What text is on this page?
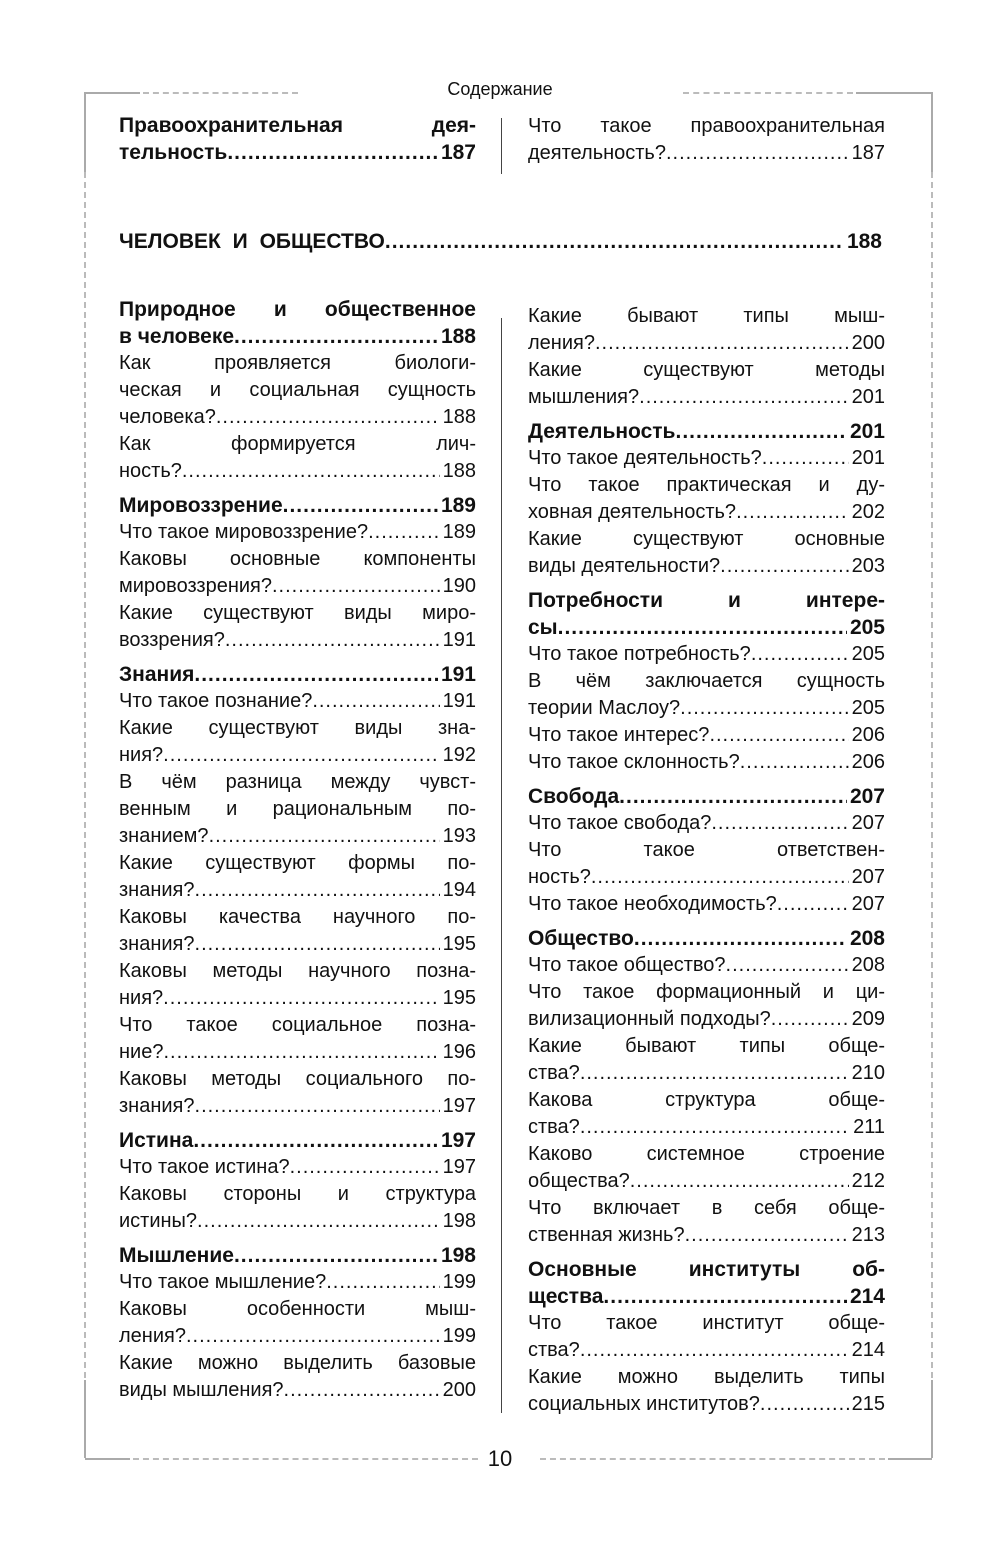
Содержание
Правоохранительная дея-
тельность .....	187
Что такое правоохранительная
деятельность? .....	187
ЧЕЛОВЕК И ОБЩЕСТВО .....	188
Природное и общественное
в человеке .....	188
Как проявляется биологи-
ческая и социальная сущность
человека? .....	188
Как формируется лич-
ность? .....	188
Мировоззрение .....	189
Что такое мировоззрение? .....	189
Каковы основные компоненты
мировоззрения? .....	190
Какие существуют виды миро-
воззрения? .....	191
Знания .....	191
Что такое познание? .....	191
Какие существуют виды зна-
ния? .....	192
В чём разница между чувст-
венным и рациональным по-
знанием? .....	193
Какие существуют формы по-
знания? .....	194
Каковы качества научного по-
знания? .....	195
Каковы методы научного позна-
ния? .....	195
Что такое социальное позна-
ние? .....	196
Каковы методы социального по-
знания? .....	197
Истина .....	197
Что такое истина? .....	197
Каковы стороны и структура
истины? .....	198
Мышление .....	198
Что такое мышление? .....	199
Каковы особенности мыш-
ления? .....	199
Какие можно выделить базовые
виды мышления? .....	200
Какие бывают типы мыш-
ления? .....	200
Какие существуют методы
мышления? .....	201
Деятельность .....	201
Что такое деятельность? .....	201
Что такое практическая и ду-
ховная деятельность? .....	202
Какие существуют основные
виды деятельности? .....	203
Потребности и интере-
сы .....	205
Что такое потребность? .....	205
В чём заключается сущность
теории Маслоу? .....	205
Что такое интерес? .....	206
Что такое склонность? .....	206
Свобода .....	207
Что такое свобода? .....	207
Что такое ответствен-
ность? .....	207
Что такое необходимость? .....	207
Общество .....	208
Что такое общество? .....	208
Что такое формационный и ци-
вилизационный подходы? .....	209
Какие бывают типы обще-
ства? .....	210
Какова структура обще-
ства? .....	211
Каково системное строение
общества? .....	212
Что включает в себя обще-
ственная жизнь? .....	213
Основные институты об-
щества .....	214
Что такое институт обще-
ства? .....	214
Какие можно выделить типы
социальных институтов? .....	215
10
